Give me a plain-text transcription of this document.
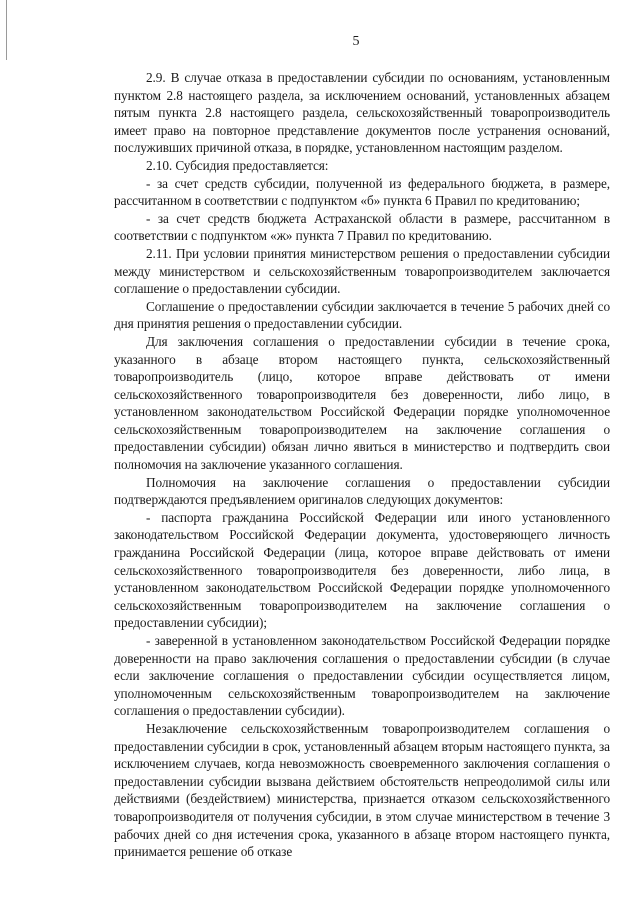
5

2.9. В случае отказа в предоставлении субсидии по основаниям, установленным пунктом 2.8 настоящего раздела, за исключением оснований, установленных абзацем пятым пункта 2.8 настоящего раздела, сельскохозяйственный товаропроизводитель имеет право на повторное представление документов после устранения оснований, послуживших причиной отказа, в порядке, установленном настоящим разделом.

2.10. Субсидия предоставляется:

- за счет средств субсидии, полученной из федерального бюджета, в размере, рассчитанном в соответствии с подпунктом «б» пункта 6 Правил по кредитованию;

- за счет средств бюджета Астраханской области в размере, рассчитанном в соответствии с подпунктом «ж» пункта 7 Правил по кредитованию.

2.11. При условии принятия министерством решения о предоставлении субсидии между министерством и сельскохозяйственным товаропроизводителем заключается соглашение о предоставлении субсидии.

Соглашение о предоставлении субсидии заключается в течение 5 рабочих дней со дня принятия решения о предоставлении субсидии.

Для заключения соглашения о предоставлении субсидии в течение срока, указанного в абзаце втором настоящего пункта, сельскохозяйственный товаропроизводитель (лицо, которое вправе действовать от имени сельскохозяйственного товаропроизводителя без доверенности, либо лицо, в установленном законодательством Российской Федерации порядке уполномоченное сельскохозяйственным товаропроизводителем на заключение соглашения о предоставлении субсидии) обязан лично явиться в министерство и подтвердить свои полномочия на заключение указанного соглашения.

Полномочия на заключение соглашения о предоставлении субсидии подтверждаются предъявлением оригиналов следующих документов:

- паспорта гражданина Российской Федерации или иного установленного законодательством Российской Федерации документа, удостоверяющего личность гражданина Российской Федерации (лица, которое вправе действовать от имени сельскохозяйственного товаропроизводителя без доверенности, либо лица, в установленном законодательством Российской Федерации порядке уполномоченного сельскохозяйственным товаропроизводителем на заключение соглашения о предоставлении субсидии);

- заверенной в установленном законодательством Российской Федерации порядке доверенности на право заключения соглашения о предоставлении субсидии (в случае если заключение соглашения о предоставлении субсидии осуществляется лицом, уполномоченным сельскохозяйственным товаропроизводителем на заключение соглашения о предоставлении субсидии).

Незаключение сельскохозяйственным товаропроизводителем соглашения о предоставлении субсидии в срок, установленный абзацем вторым настоящего пункта, за исключением случаев, когда невозможность своевременного заключения соглашения о предоставлении субсидии вызвана действием обстоятельств непреодолимой силы или действиями (бездействием) министерства, признается отказом сельскохозяйственного товаропроизводителя от получения субсидии, в этом случае министерством в течение 3 рабочих дней со дня истечения срока, указанного в абзаце втором настоящего пункта, принимается решение об отказе
